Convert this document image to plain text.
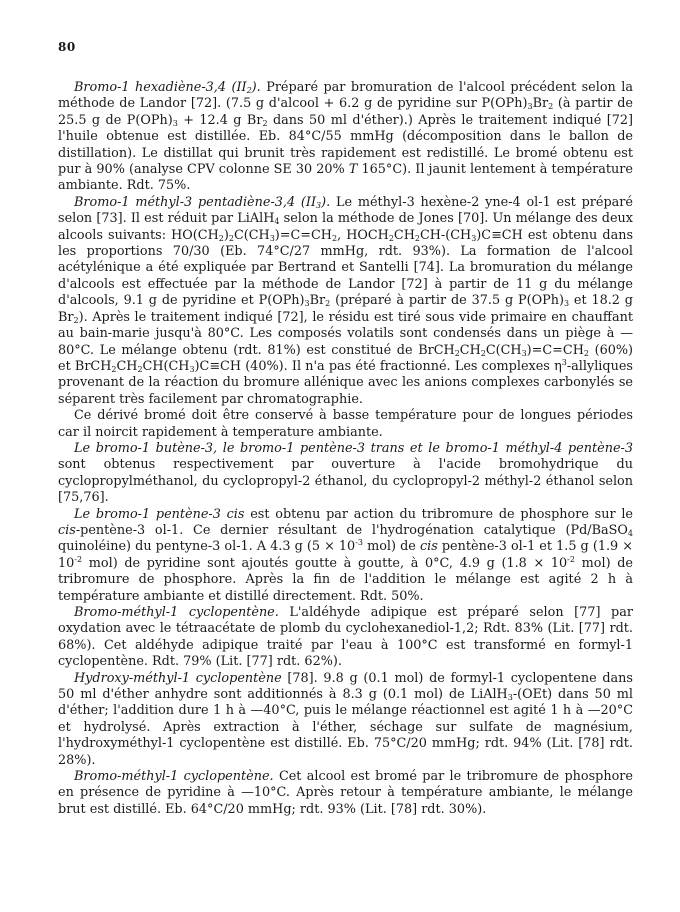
80

Bromo-1 hexadiène-3,4 $(II_2)$. Préparé par bromuration de l'alcool précédent selon la méthode de Landor [72]. (7.5 g d'alcool + 6.2 g de pyridine sur $P(OPh)_3Br_2$ (à partir de 25.5 g de $P(OPh)_3 + 12.4$ g $Br_2$ dans 50 ml d'éther).) Après le traitement indiqué [72] l'huile obtenue est distillée. Eb. 84°C/55 mmHg (décomposition dans le ballon de distillation). Le distillat qui brunit très rapidement est redistillé. Le bromé obtenu est pur à 90% (analyse CPV colonne SE 30 20% T 165°C). Il jaunit lentement à température ambiante. Rdt. 75%.

Bromo-1 méthyl-3 pentadiène-3,4 $(II_3)$. Le méthyl-3 hexène-2 yne-4 ol-1 est préparé selon [73]. Il est réduit par LiAlH$_4$ selon la méthode de Jones [70]. Un mélange des deux alcools suivants: $HO(CH_2)_2C(CH_3)=C=CH_2$, $HOCH_2CH_2CH-(CH_3)C\equiv CH$ est obtenu dans les proportions 70/30 (Eb. 74°C/27 mmHg, rdt. 93%). La formation de l'alcool acétylénique a été expliquée par Bertrand et Santelli [74]. La bromuration du mélange d'alcools est effectuée par la méthode de Landor [72] à partir de 11 g du mélange d'alcools, 9.1 g de pyridine et $P(OPh)_3Br_2$ (préparé à partir de 37.5 g $P(OPh)_3$ et 18.2 g $Br_2$). Après le traitement indiqué [72], le résidu est tiré sous vide primaire en chauffant au bain-marie jusqu'à 80°C. Les composés volatils sont condensés dans un piège à —80°C. Le mélange obtenu (rdt. 81%) est constitué de $BrCH_2CH_2C(CH_3)=C=CH_2$ (60%) et $BrCH_2CH_2CH(CH_3)C\equiv CH$ (40%). Il n'a pas été fractionné. Les complexes $\eta^3$-allyliques provenant de la réaction du bromure allénique avec les anions complexes carbonylés se séparent très facilement par chromatographie.

Ce dérivé bromé doit être conservé à basse température pour de longues périodes car il noircit rapidement à temperature ambiante.

Le bromo-1 butène-3, le bromo-1 pentène-3 trans et le bromo-1 méthyl-4 pentène-3 sont obtenus respectivement par ouverture à l'acide bromohydrique du cyclopropylméthanol, du cyclopropyl-2 éthanol, du cyclopropyl-2 méthyl-2 éthanol selon [75,76].

Le bromo-1 pentène-3 cis est obtenu par action du tribromure de phosphore sur le cis-pentène-3 ol-1. Ce dernier résultant de l'hydrogénation catalytique (Pd/BaSO$_4$ quinoléine) du pentyne-3 ol-1. A 4.3 g ($5 \times 10^{-3}$ mol) de cis pentène-3 ol-1 et 1.5 g ($1.9 \times 10^{-2}$ mol) de pyridine sont ajoutés goutte à goutte, à 0°C, 4.9 g ($1.8 \times 10^{-2}$ mol) de tribromure de phosphore. Après la fin de l'addition le mélange est agité 2 h à température ambiante et distillé directement. Rdt. 50%.

Bromo-méthyl-1 cyclopentène. L'aldéhyde adipique est préparé selon [77] par oxydation avec le tétraacétate de plomb du cyclohexanediol-1,2; Rdt. 83% (Lit. [77] rdt. 68%). Cet aldéhyde adipique traité par l'eau à 100°C est transformé en formyl-1 cyclopentène. Rdt. 79% (Lit. [77] rdt. 62%).

Hydroxy-méthyl-1 cyclopentène [78]. 9.8 g (0.1 mol) de formyl-1 cyclopentene dans 50 ml d'éther anhydre sont additionnés à 8.3 g (0.1 mol) de LiAlH$_3$-(OEt) dans 50 ml d'éther; l'addition dure 1 h à —40°C, puis le mélange réactionnel est agité 1 h à —20°C et hydrolysé. Après extraction à l'éther, séchage sur sulfate de magnésium, l'hydroxyméthyl-1 cyclopentène est distillé. Eb. 75°C/20 mmHg; rdt. 94% (Lit. [78] rdt. 28%).

Bromo-méthyl-1 cyclopentène. Cet alcool est bromé par le tribromure de phosphore en présence de pyridine à —10°C. Après retour à température ambiante, le mélange brut est distillé. Eb. 64°C/20 mmHg; rdt. 93% (Lit. [78] rdt. 30%).
